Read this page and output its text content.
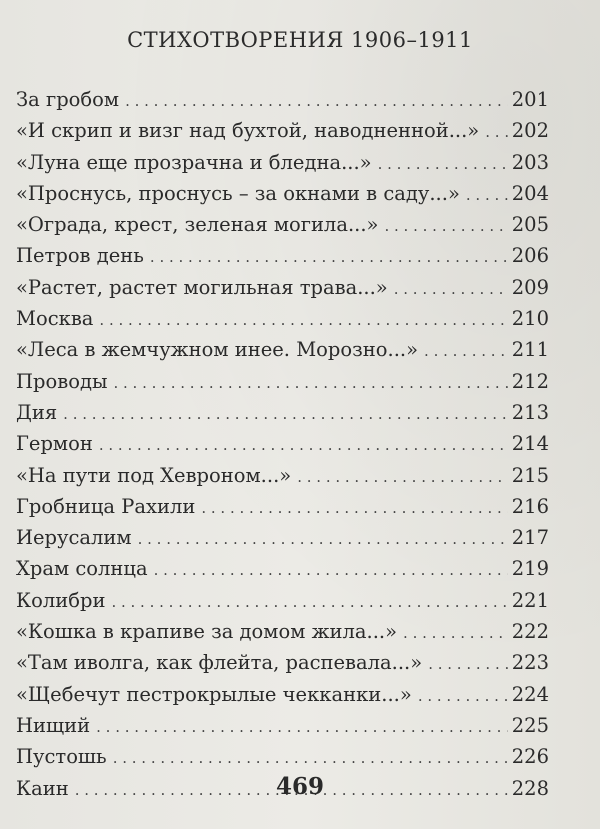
СТИХОТВОРЕНИЯ 1906–1911
За гробом . . .	201
«И скрип и визг над бухтой, наводненной...» . . . 202
«Луна еще прозрачна и бледна...» . . .	203
«Проснусь, проснусь – за окнами в саду...» . . .	204
«Ограда, крест, зеленая могила...» . . .	205
Петров день . . .	206
«Растет, растет могильная трава...» . . .	209
Москва . . .	210
«Леса в жемчужном инее. Морозно...» . . .	211
Проводы . . .	212
Дия . . .	213
Гермон . . .	214
«На пути под Хевроном...» . . .	215
Гробница Рахили . . .	216
Иерусалим . . .	217
Храм солнца . . .	219
Колибри . . .	221
«Кошка в крапиве за домом жила...» . . .	222
«Там иволга, как флейта, распевала...» . . .	223
«Щебечут пестрокрылые чекканки...» . . .	224
Нищий . . .	225
Пустошь . . .	226
Каин . . .	228
469
